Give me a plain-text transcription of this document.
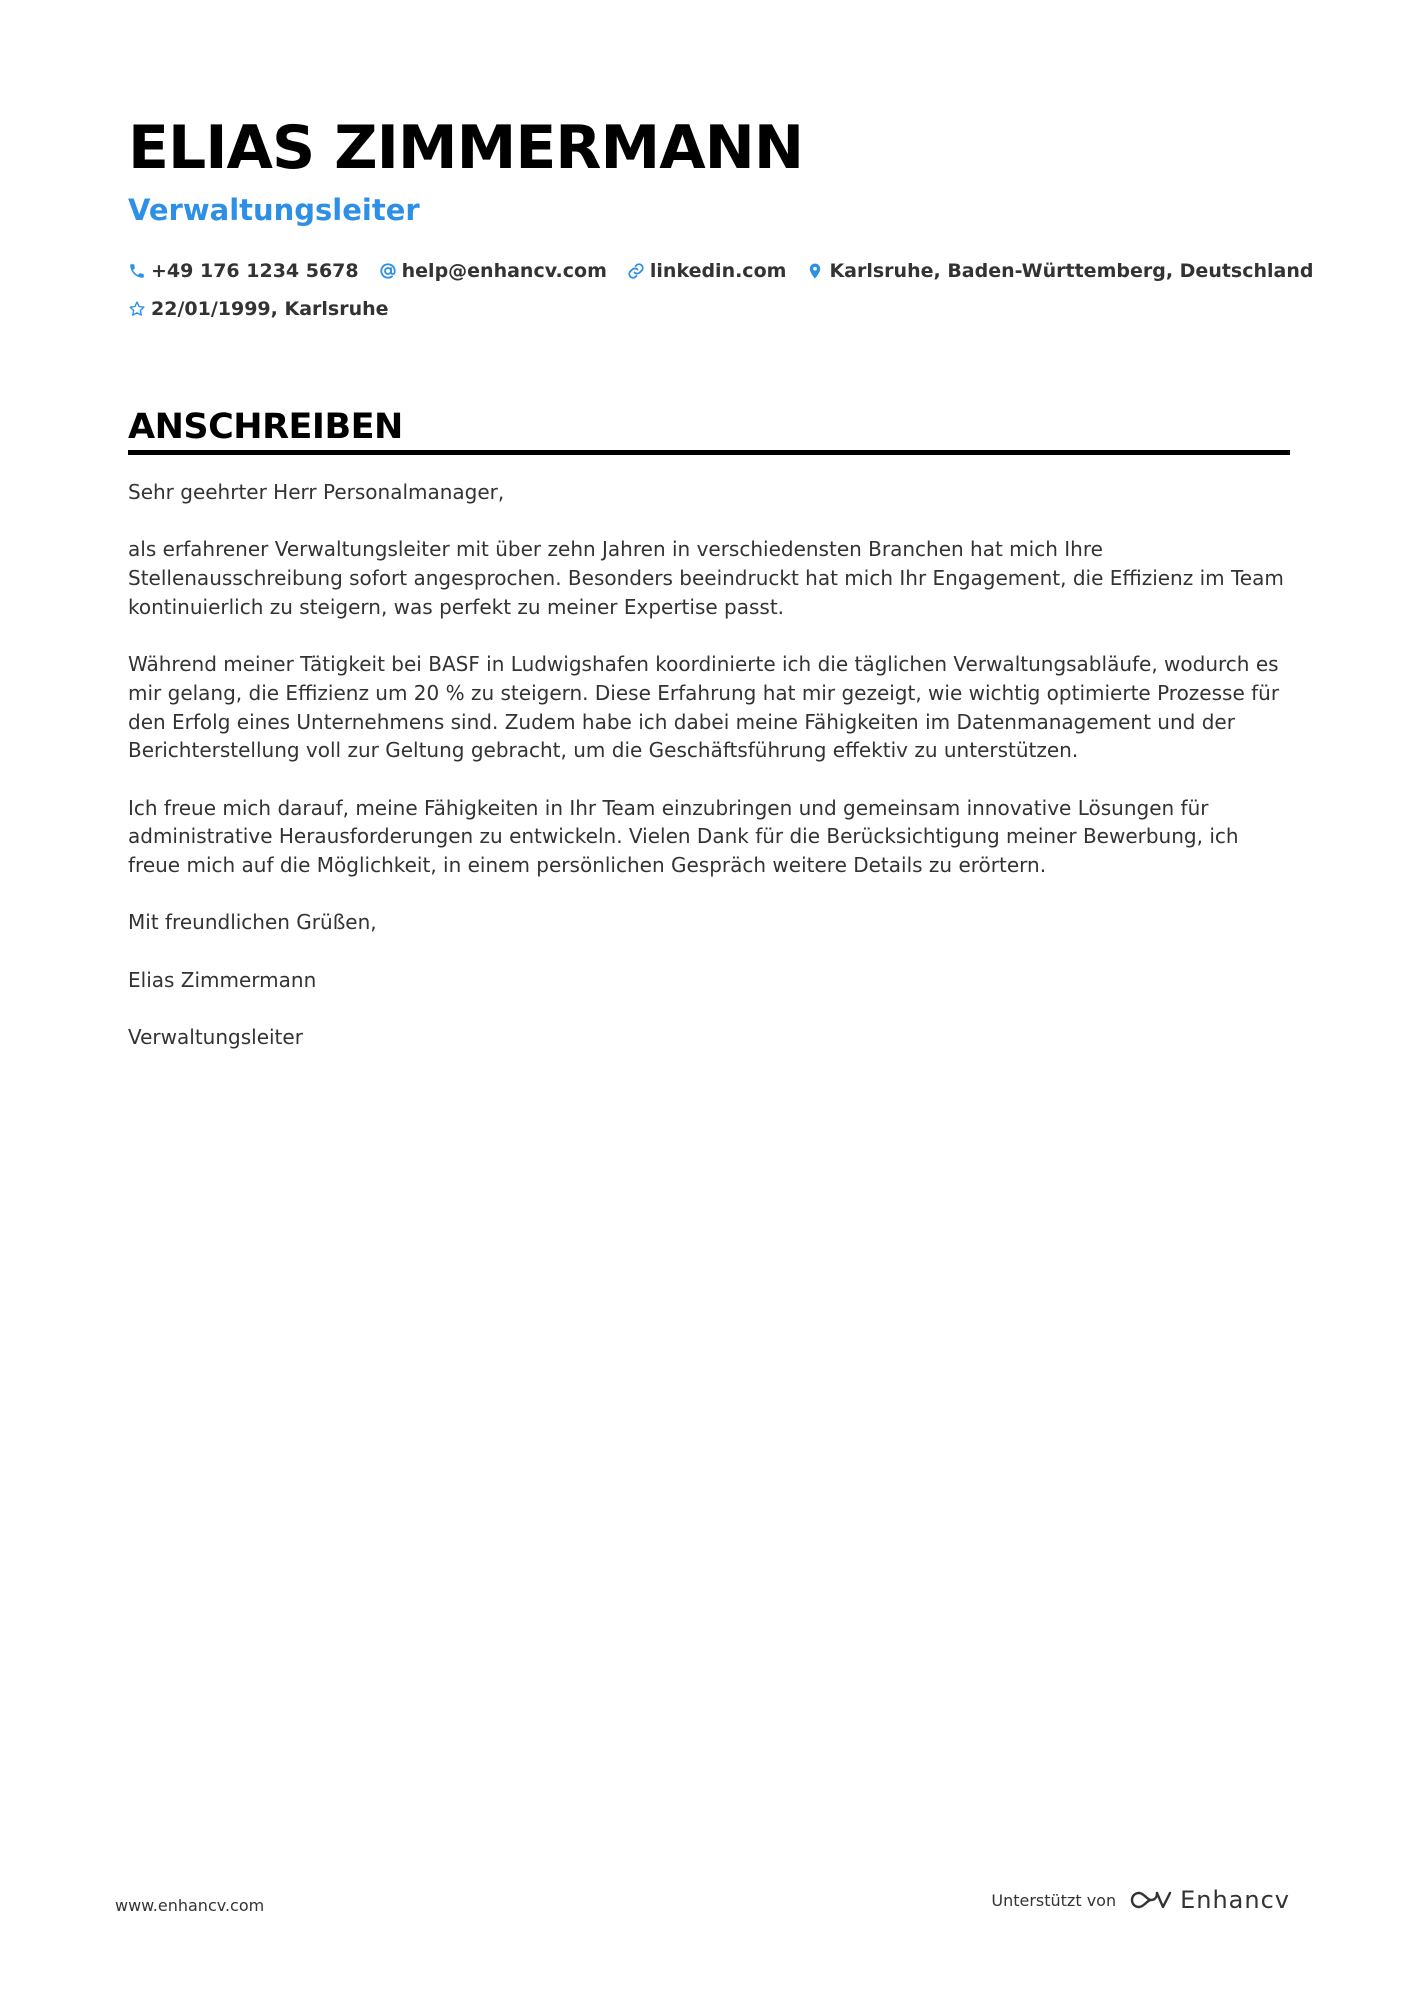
ELIAS ZIMMERMANN
Verwaltungsleiter
+49 176 1234 5678 help@enhancv.com linkedin.com Karlsruhe, Baden-Württemberg, Deutschland
22/01/1999, Karlsruhe
ANSCHREIBEN

Sehr geehrter Herr Personalmanager,

als erfahrener Verwaltungsleiter mit über zehn Jahren in verschiedensten Branchen hat mich Ihre Stellenausschreibung sofort angesprochen. Besonders beeindruckt hat mich Ihr Engagement, die Effizienz im Team kontinuierlich zu steigern, was perfekt zu meiner Expertise passt.

Während meiner Tätigkeit bei BASF in Ludwigshafen koordinierte ich die täglichen Verwaltungsabläufe, wodurch es mir gelang, die Effizienz um 20 % zu steigern. Diese Erfahrung hat mir gezeigt, wie wichtig optimierte Prozesse für den Erfolg eines Unternehmens sind. Zudem habe ich dabei meine Fähigkeiten im Datenmanagement und der Berichterstellung voll zur Geltung gebracht, um die Geschäftsführung effektiv zu unterstützen.

Ich freue mich darauf, meine Fähigkeiten in Ihr Team einzubringen und gemeinsam innovative Lösungen für administrative Herausforderungen zu entwickeln. Vielen Dank für die Berücksichtigung meiner Bewerbung, ich freue mich auf die Möglichkeit, in einem persönlichen Gespräch weitere Details zu erörtern.

Mit freundlichen Grüßen,

Elias Zimmermann

Verwaltungsleiter

www.enhancv.com	Unterstützt von	Enhancv
